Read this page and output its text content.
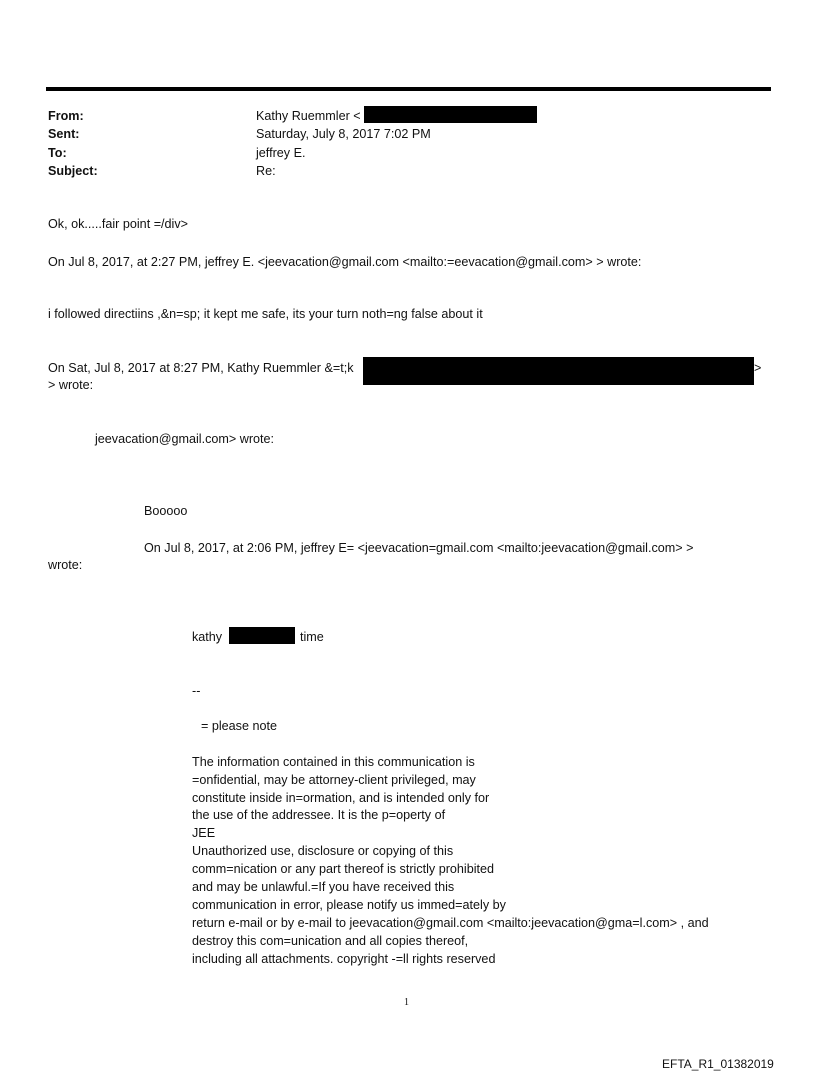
From:	Kathy Ruemmler <
Sent:	Saturday, July 8, 2017 7:02 PM
To:	jeffrey E.
Subject:	Re:
Ok, ok.....fair point =/div>
On Jul 8, 2017, at 2:27 PM, jeffrey E. <jeevacation@gmail.com <mailto:=eevacation@gmail.com> > wrote:
i followed directiins ,&n=sp; it kept me safe, its your turn noth=ng false about it
On Sat, Jul 8, 2017 at 8:27 PM, Kathy Ruemmler &=t;k	>
> wrote:
jeevacation@gmail.com> wrote:
Booooo
On Jul 8, 2017, at 2:06 PM, jeffrey E= <jeevacation=gmail.com <mailto:jeevacation@gmail.com> >
wrote:
kathy	time
--
= please note
The information contained in this communication is
=onfidential, may be attorney-client privileged, may
constitute inside in=ormation, and is intended only for
the use of the addressee. It is the p=operty of
JEE
Unauthorized use, disclosure or copying of this
comm=nication or any part thereof is strictly prohibited
and may be unlawful.=If you have received this
communication in error, please notify us immed=ately by
return e-mail or by e-mail to jeevacation@gmail.com <mailto:jeevacation@gma=l.com> , and
destroy this com=unication and all copies thereof,
including all attachments. copyright -=ll rights reserved
1
EFTA_R1_01382019
